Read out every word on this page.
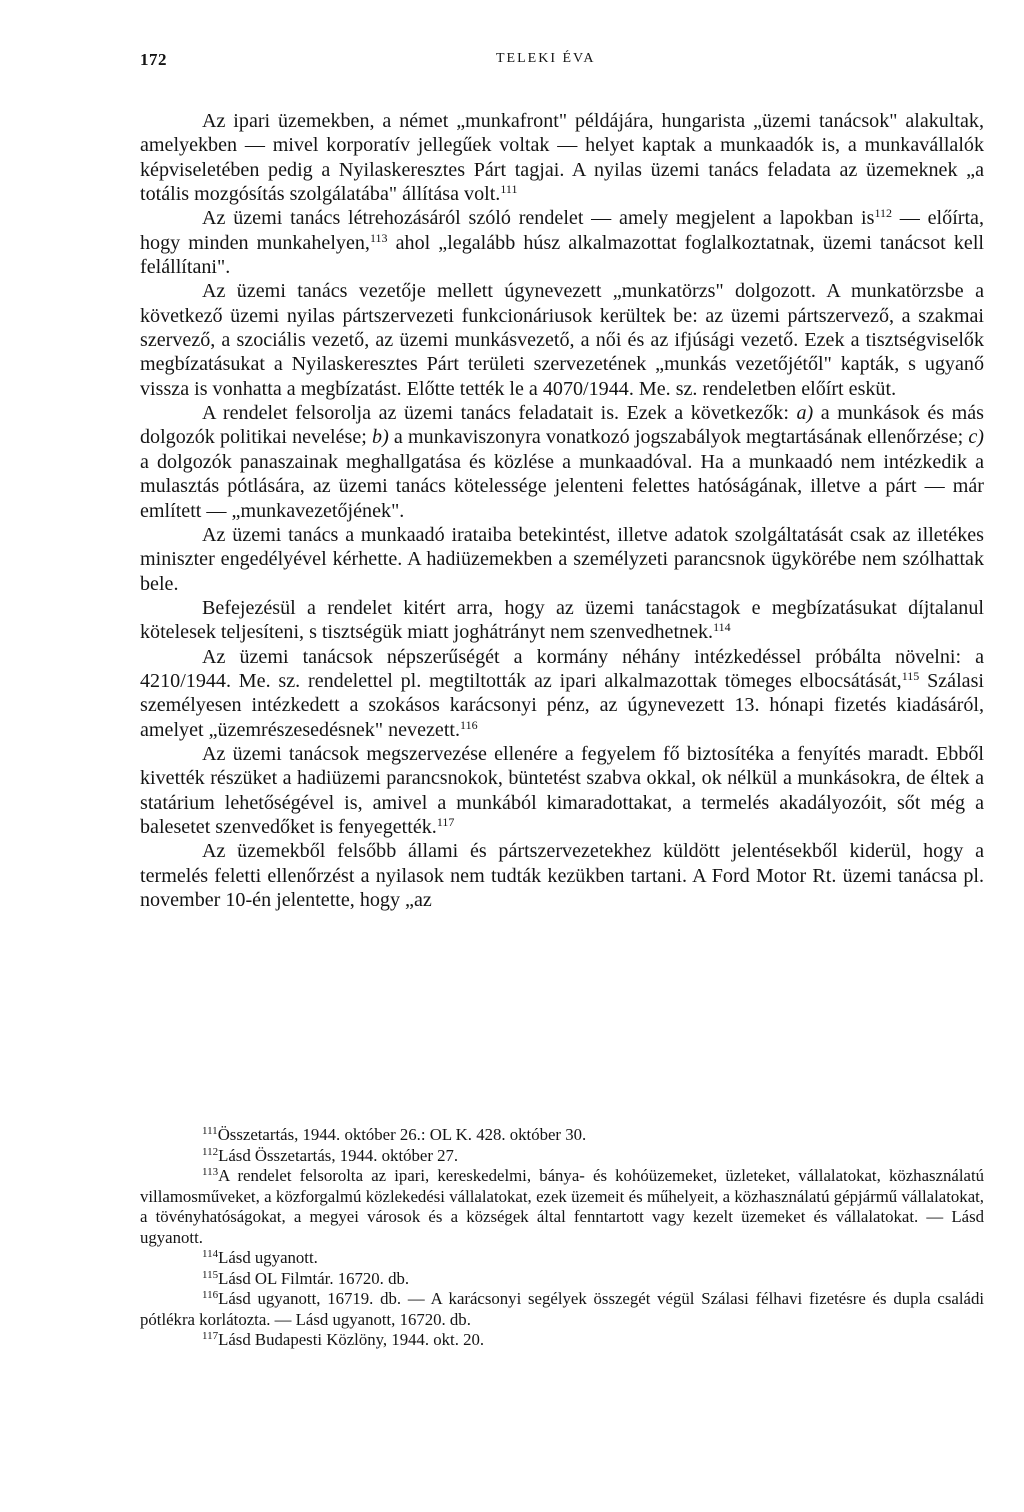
172	TELEKI ÉVA

Az ipari üzemekben, a német „munkafront" példájára, hungarista „üzemi tanácsok" alakultak, amelyekben — mivel korporatív jellegűek voltak — helyet kaptak a munkaadók is, a munkavállalók képviseletében pedig a Nyilaskeresztes Párt tagjai. A nyilas üzemi tanács feladata az üzemeknek „a totális mozgósítás szolgálatába" állítása volt.$^{111}$

Az üzemi tanács létrehozásáról szóló rendelet — amely megjelent a lapokban $is^{112}$ — előírta, hogy minden munkahelyen,$^{113}$ ahol „legalább húsz alkalmazottat foglalkoztatnak, üzemi tanácsot kell felállítani".

Az üzemi tanács vezetője mellett úgynevezett „munkatörzs" dolgozott. A munkatörzsbe a következő üzemi nyilas pártszervezeti funkcionáriusok kerültek be: az üzemi pártszervező, a szakmai szervező, a szociális vezető, az üzemi munkásvezető, a női és az ifjúsági vezető. Ezek a tisztségviselők megbízatásukat a Nyilaskeresztes Párt területi szervezetének „munkás vezetőjétől" kapták, s ugyanő vissza is vonhatta a megbízatást. Előtte tették le a 4070/1944. Me. sz. rendeletben előírt esküt.

A rendelet felsorolja az üzemi tanács feladatait is. Ezek a következők: a) a munkások és más dolgozók politikai nevelése; b) a munkaviszonyra vonatkozó jogszabályok megtartásának ellenőrzése; c) a dolgozók panaszainak meghallgatása és közlése a munkaadóval. Ha a munkaadó nem intézkedik a mulasztás pótlására, az üzemi tanács kötelessége jelenteni felettes hatóságának, illetve a párt — már említett — „munkavezetőjének".

Az üzemi tanács a munkaadó irataiba betekintést, illetve adatok szolgáltatását csak az illetékes miniszter engedélyével kérhette. A hadiüzemekben a személyzeti parancsnok ügykörébe nem szólhattak bele.

Befejezésül a rendelet kitért arra, hogy az üzemi tanácstagok e megbízatásukat díjtalanul kötelesek teljesíteni, s tisztségük miatt joghátrányt nem szenvedhetnek.$^{114}$

Az üzemi tanácsok népszerűségét a kormány néhány intézkedéssel próbálta növelni: a 4210/1944. Me. sz. rendelettel pl. megtiltották az ipari alkalmazottak tömeges elbocsátását,$^{115}$ Szálasi személyesen intézkedett a szokásos karácsonyi pénz, az úgynevezett 13. hónapi fizetés kiadásáról, amelyet „üzemrészesedésnek" nevezett.$^{116}$

Az üzemi tanácsok megszervezése ellenére a fegyelem fő biztosítéka a fenyítés maradt. Ebből kivették részüket a hadiüzemi parancsnokok, büntetést szabva okkal, ok nélkül a munkásokra, de éltek a statárium lehetőségével is, amivel a munkából kimaradottakat, a termelés akadályozóit, sőt még a balesetet szenvedőket is fenyegették.$^{117}$

Az üzemekből felsőbb állami és pártszervezetekhez küldött jelentésekből kiderül, hogy a termelés feletti ellenőrzést a nyilasok nem tudták kezükben tartani. A Ford Motor Rt. üzemi tanácsa pl. november 10-én jelentette, hogy „az

$^{111}$Összetartás, 1944. október 26.: OL K. 428. október 30.

$^{112}$Lásd Összetartás, 1944. október 27.

$^{113}$A rendelet felsorolta az ipari, kereskedelmi, bánya- és kohóüzemeket, üzleteket, vállalatokat, közhasználatú villamosműveket, a közforgalmú közlekedési vállalatokat, ezek üzemeit és műhelyeit, a közhasználatú gépjármű vállalatokat, a tövényhatóságokat, a megyei városok és a községek által fenntartott vagy kezelt üzemeket és vállalatokat. — Lásd ugyanott.

$^{114}$Lásd ugyanott.

$^{115}$Lásd OL Filmtár. 16720. db.

$^{116}$Lásd ugyanott, 16719. db. — A karácsonyi segélyek összegét végül Szálasi félhavi fizetésre és dupla családi pótlékra korlátozta. — Lásd ugyanott, 16720. db.

$^{117}$Lásd Budapesti Közlöny, 1944. okt. 20.
